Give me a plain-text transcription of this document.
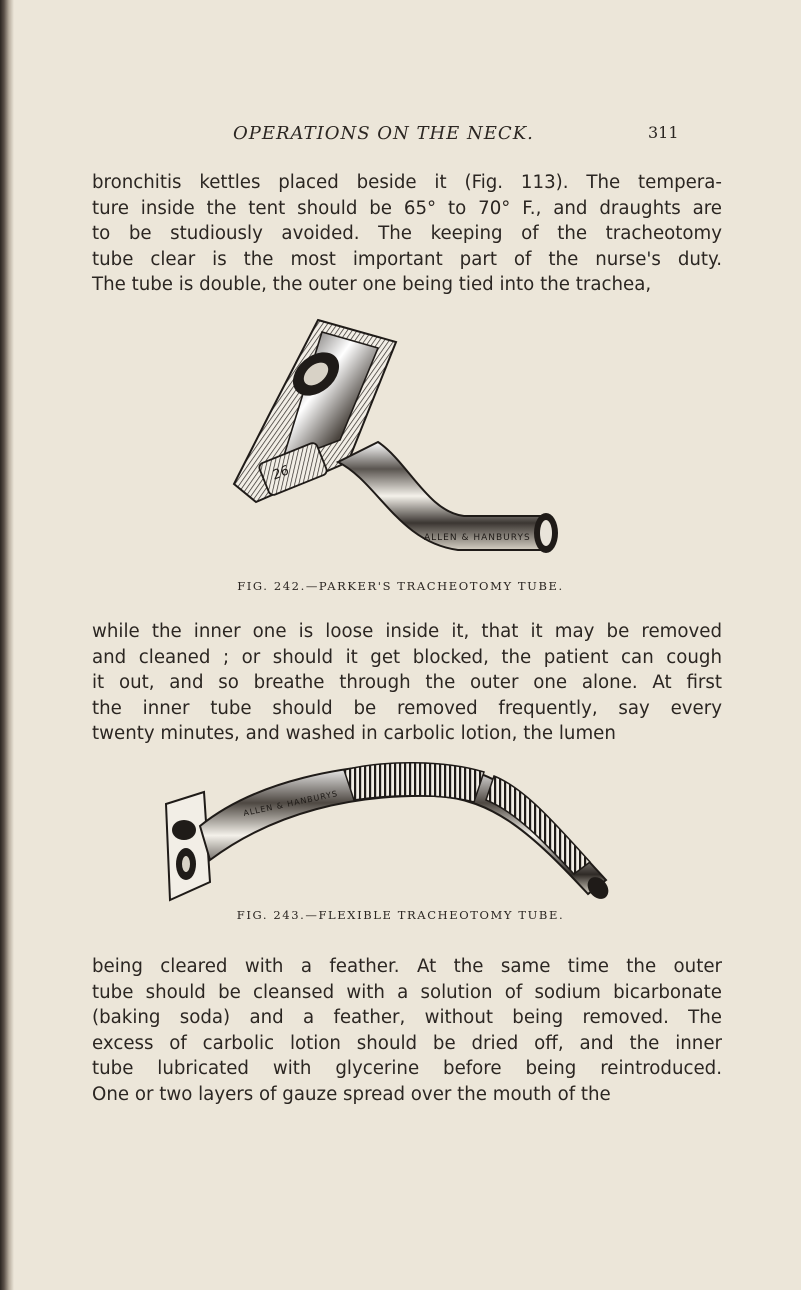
OPERATIONS ON THE NECK.	311

bronchitis kettles placed beside it (Fig. 113). The tempera-
ture inside the tent should be 65° to 70° F., and draughts are
to be studiously avoided. The keeping of the tracheotomy
tube clear is the most important part of the nurse's duty.
The tube is double, the outer one being tied into the trachea,

26
ALLEN & HANBURYS
FIG. 242.—PARKER'S TRACHEOTOMY TUBE.

while the inner one is loose inside it, that it may be removed
and cleaned ; or should it get blocked, the patient can cough
it out, and so breathe through the outer one alone. At first
the inner tube should be removed frequently, say every
twenty minutes, and washed in carbolic lotion, the lumen

ALLEN & HANBURYS
FIG. 243.—FLEXIBLE TRACHEOTOMY TUBE.

being cleared with a feather. At the same time the outer
tube should be cleansed with a solution of sodium bicarbonate
(baking soda) and a feather, without being removed. The
excess of carbolic lotion should be dried off, and the inner
tube lubricated with glycerine before being reintroduced.
One or two layers of gauze spread over the mouth of the
